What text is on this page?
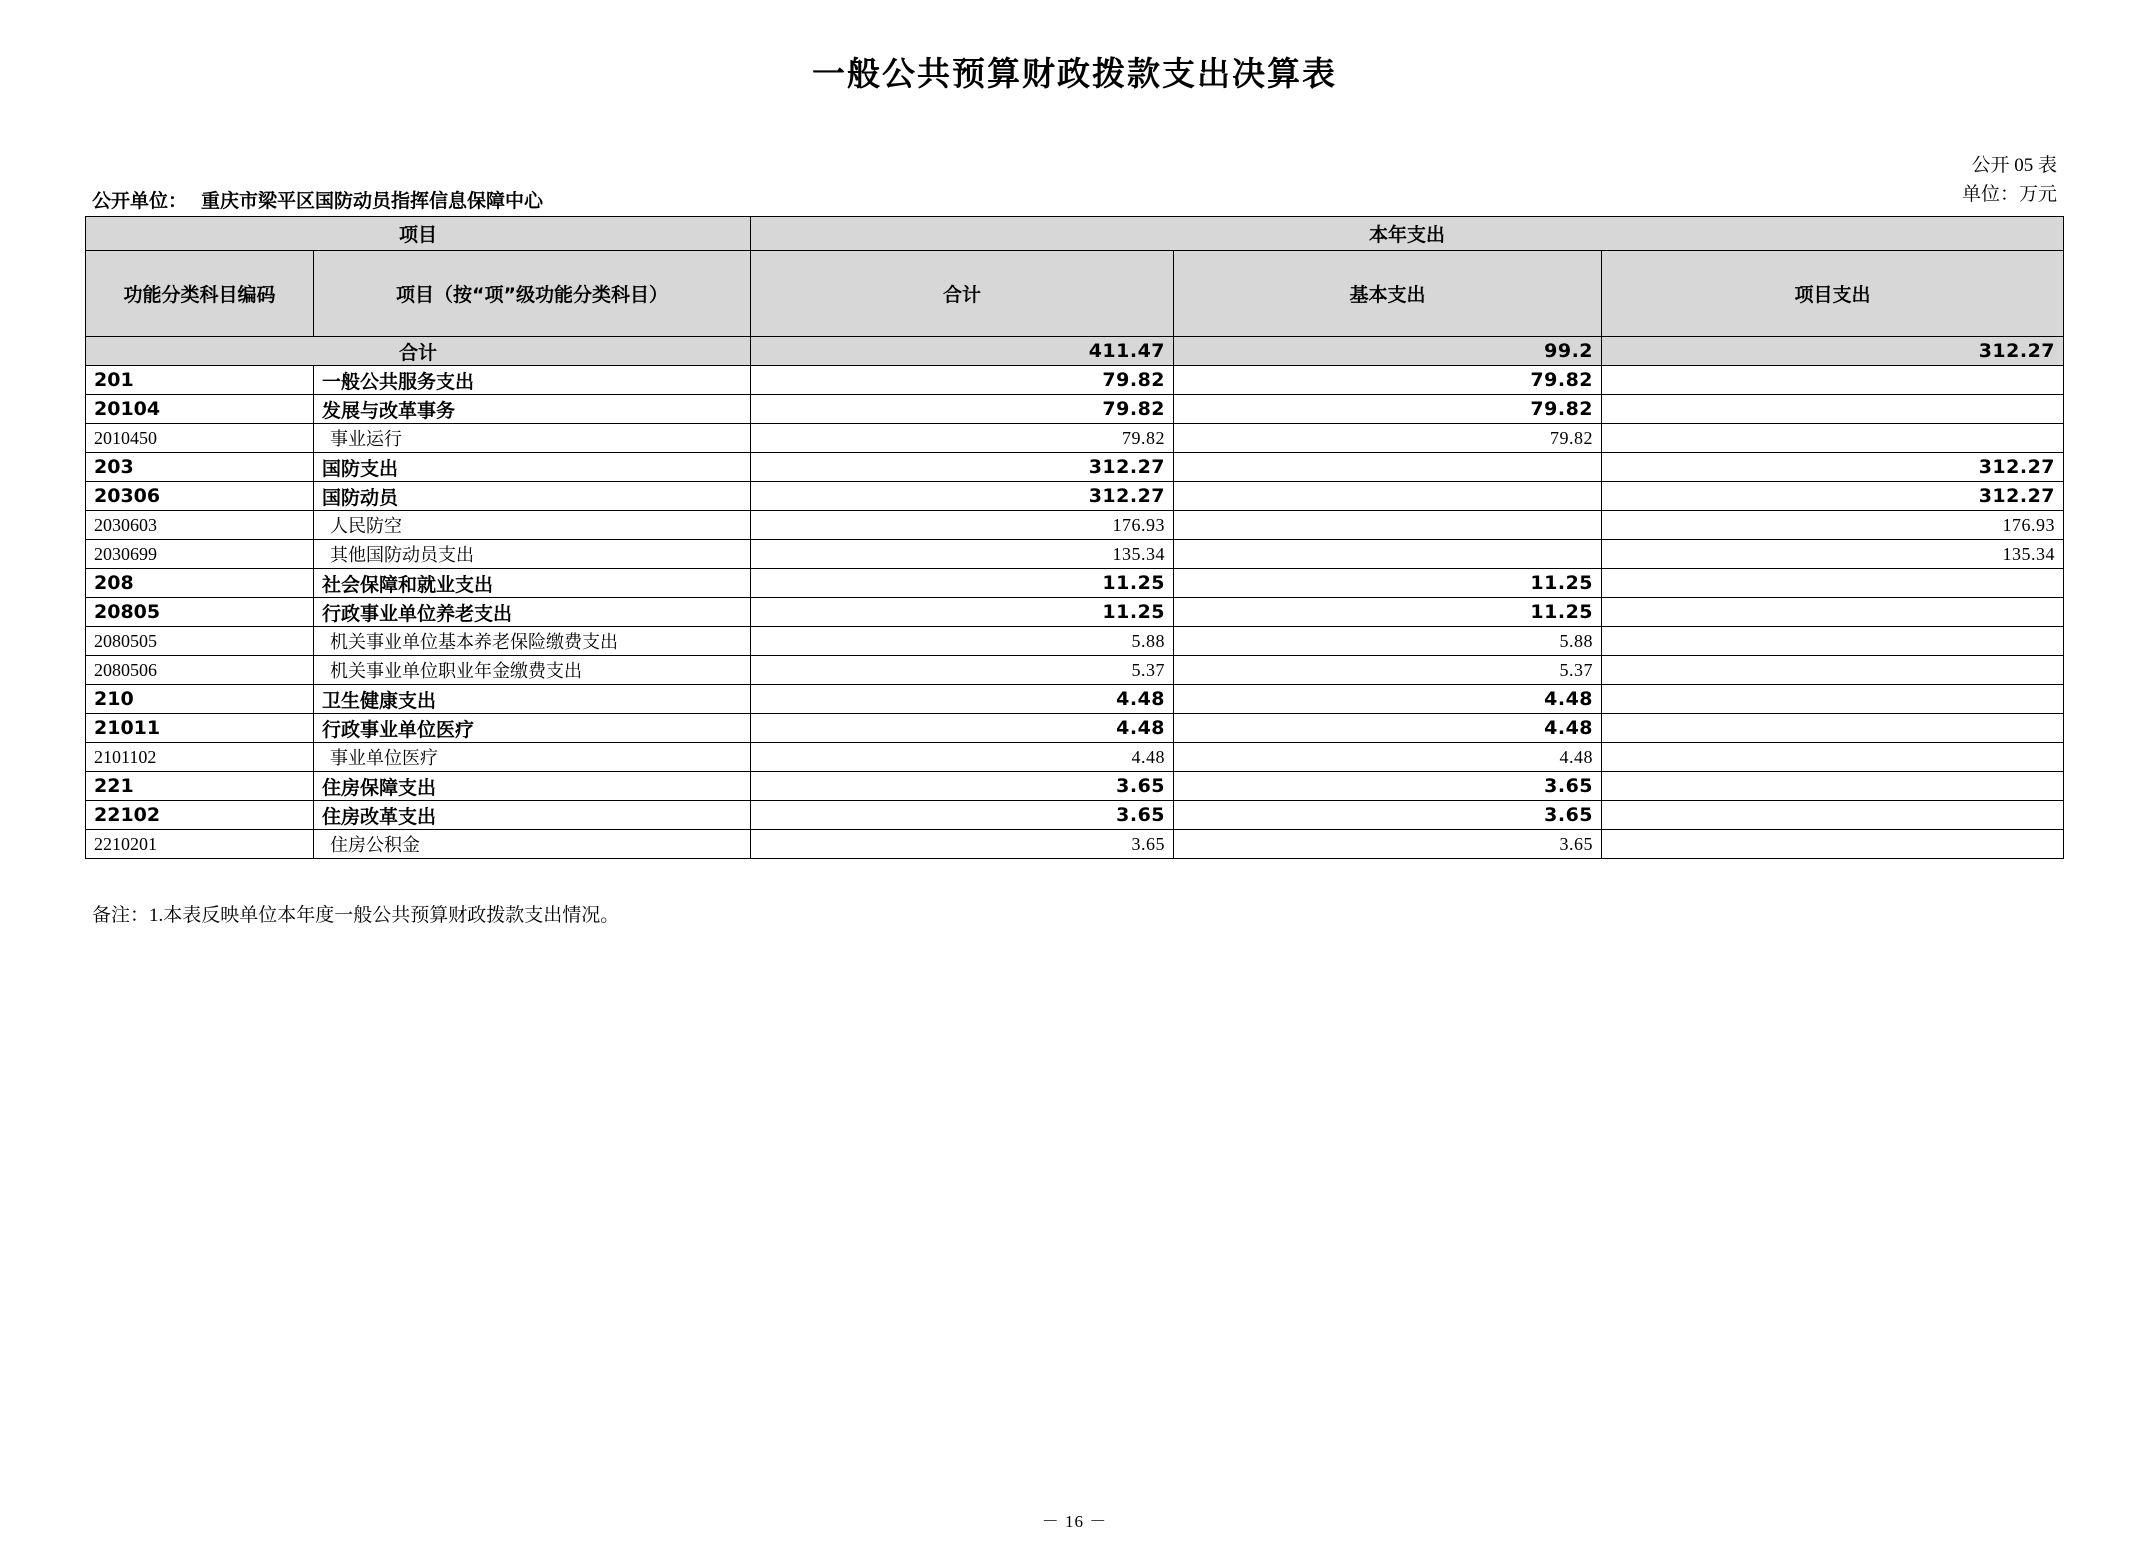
一般公共预算财政拨款支出决算表
公开 05 表
单位：万元
公开单位： 重庆市梁平区国防动员指挥信息保障中心
项目		本年支出		
功能分类科目编码	项目（按“项”级功能分类科目）	合计	基本支出	项目支出
合计		411.47	99.2	312.27
201	一般公共服务支出	79.82	79.82	
20104	发展与改革事务	79.82	79.82	
2010450	事业运行	79.82	79.82	
203	国防支出	312.27		312.27
20306	国防动员	312.27		312.27
2030603	人民防空	176.93		176.93
2030699	其他国防动员支出	135.34		135.34
208	社会保障和就业支出	11.25	11.25	
20805	行政事业单位养老支出	11.25	11.25	
2080505	机关事业单位基本养老保险缴费支出	5.88	5.88	
2080506	机关事业单位职业年金缴费支出	5.37	5.37	
210	卫生健康支出	4.48	4.48	
21011	行政事业单位医疗	4.48	4.48	
2101102	事业单位医疗	4.48	4.48	
221	住房保障支出	3.65	3.65	
22102	住房改革支出	3.65	3.65	
2210201	住房公积金	3.65	3.65	
备注：1.本表反映单位本年度一般公共预算财政拨款支出情况。
－ 16 －
